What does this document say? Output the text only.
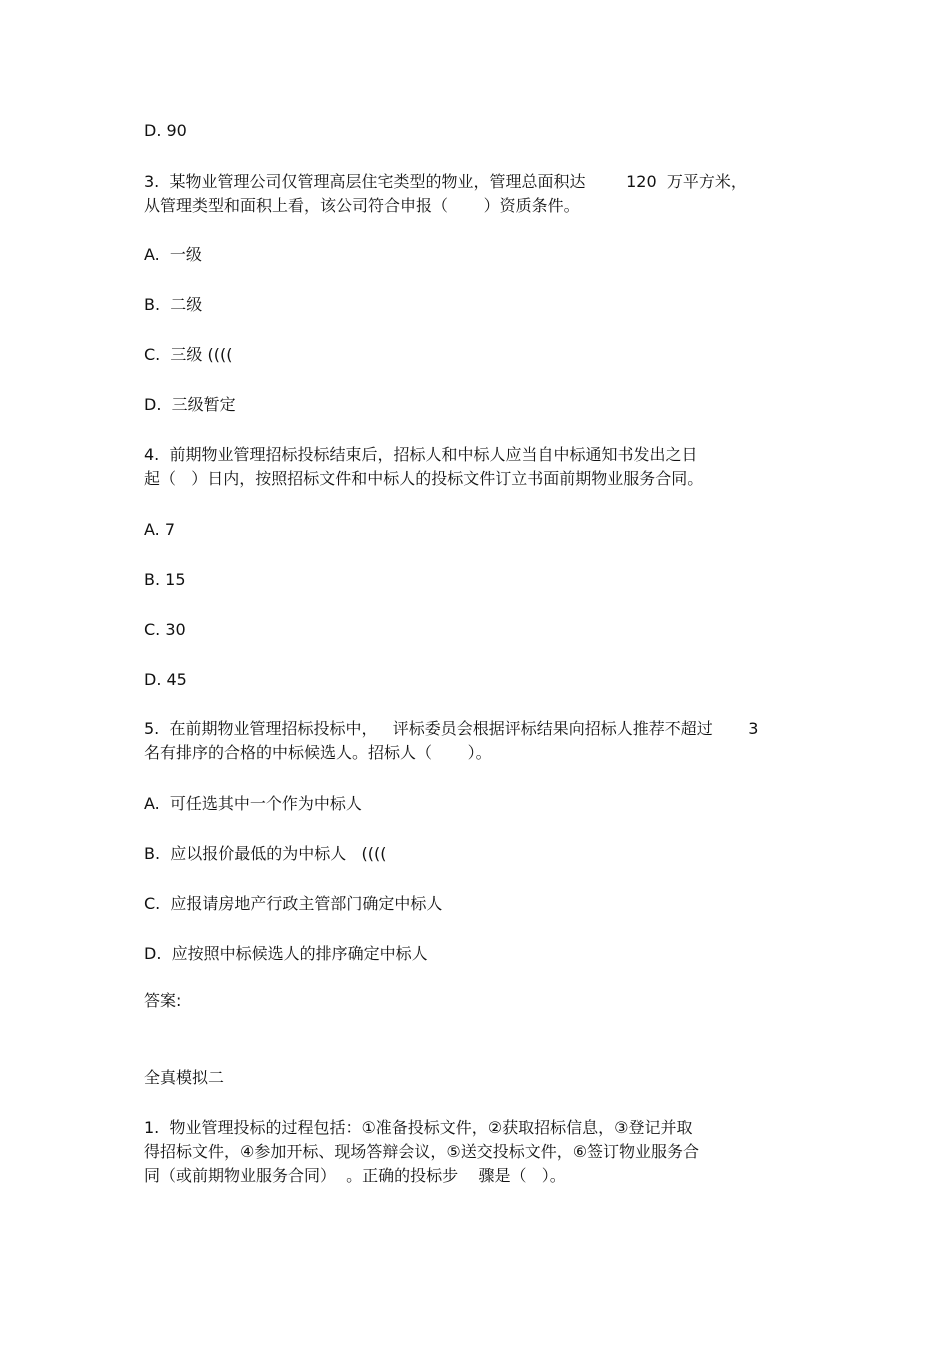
D. 90

3.  某物业管理公司仅管理高层住宅类型的物业，管理总面积达        120  万平方米，

从管理类型和面积上看，该公司符合申报（       ）资质条件。

A.  一级

B.  二级

C.  三级 ((((

D.  三级暂定

4.  前期物业管理招标投标结束后，招标人和中标人应当自中标通知书发出之日

起（   ）日内，按照招标文件和中标人的投标文件订立书面前期物业服务合同。

A. 7

B. 15

C. 30

D. 45

5.  在前期物业管理招标投标中，   评标委员会根据评标结果向招标人推荐不超过       3

名有排序的合格的中标候选人。招标人（       ）。

A.  可任选其中一个作为中标人

B.  应以报价最低的为中标人   ((((

C.  应报请房地产行政主管部门确定中标人

D.  应按照中标候选人的排序确定中标人

答案:

全真模拟二

1.  物业管理投标的过程包括：①准备投标文件，②获取招标信息，③登记并取

得招标文件，④参加开标、现场答辩会议，⑤送交投标文件，⑥签订物业服务合

同（或前期物业服务合同）  。正确的投标步    骤是（   ）。
